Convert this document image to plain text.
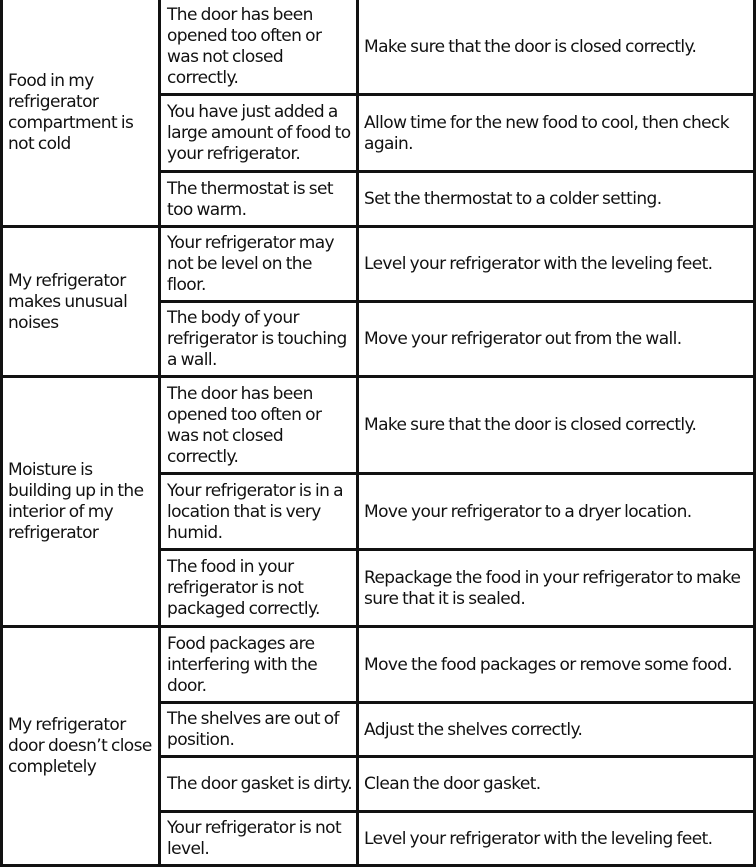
Food in my refrigerator compartment is not cold
The door has been opened too often or was not closed correctly.
Make sure that the door is closed correctly.
You have just added a large amount of food to your refrigerator.
Allow time for the new food to cool, then check again.
The thermostat is set too warm.
Set the thermostat to a colder setting.
My refrigerator makes unusual noises
Your refrigerator may not be level on the floor.
Level your refrigerator with the leveling feet.
The body of your refrigerator is touching a wall.
Move your refrigerator out from the wall.
Moisture is building up in the interior of my refrigerator
The door has been opened too often or was not closed correctly.
Make sure that the door is closed correctly.
Your refrigerator is in a location that is very humid.
Move your refrigerator to a dryer location.
The food in your refrigerator is not packaged correctly.
Repackage the food in your refrigerator to make sure that it is sealed.
My refrigerator door doesn’t close completely
Food packages are interfering with the door.
Move the food packages or remove some food.
The shelves are out of position.
Adjust the shelves correctly.
The door gasket is dirty. Clean the door gasket.
Your refrigerator is not level.
Level your refrigerator with the leveling feet.
